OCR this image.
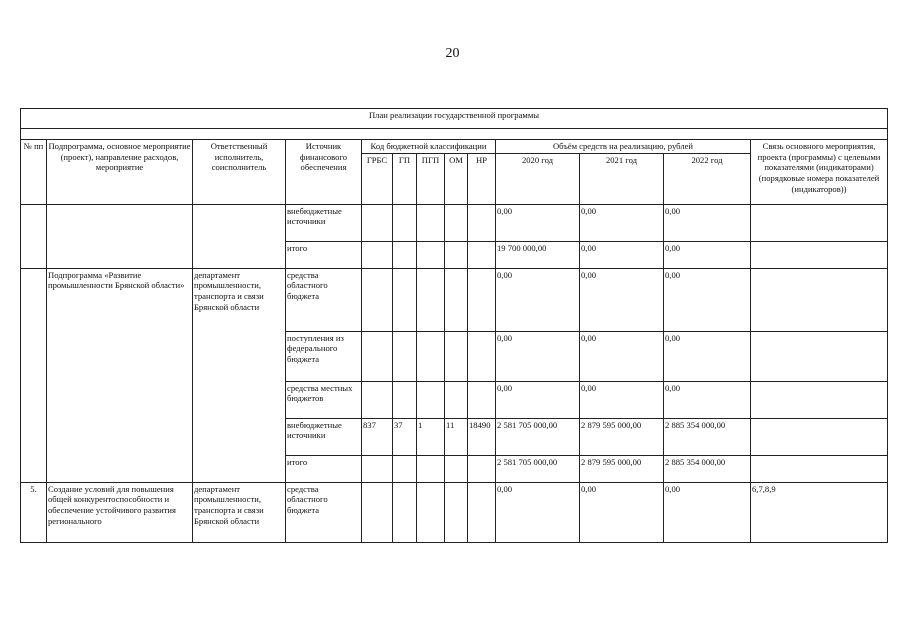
20
План реализации государственной программы												

№ пп	Подпрограмма, основное мероприятие (проект), направление расходов, мероприятие	Ответственный исполнитель, соисполнитель	Источник финансового обеспечения	Код бюджетной классификации					Объём средств на реализацию, рублей			Связь основного мероприятия, проекта (программы) с целевыми показателями (индикаторами) (порядковые номера показателей (индикаторов))
				ГРБС	ГП	ПГП	ОМ	НР	2020 год	2021 год	2022 год	
			внебюджетные источники						0,00	0,00	0,00	
			итого						19 700 000,00	0,00	0,00	
	Подпрограмма «Развитие промышленности Брянской области»	департамент промышленности, транспорта и связи Брянской области	средства областного бюджета						0,00	0,00	0,00	
			поступления из федерального бюджета						0,00	0,00	0,00	
			средства местных бюджетов						0,00	0,00	0,00	
			внебюджетные источники	837	37	1	11	18490	2 581 705 000,00	2 879 595 000,00	2 885 354 000,00	
			итого						2 581 705 000,00	2 879 595 000,00	2 885 354 000,00	
5.	Создание условий для повышения общей конкурентоспособности и обеспечение устойчивого развития регионального	департамент промышленности, транспорта и связи Брянской области	средства областного бюджета						0,00	0,00	0,00	6,7,8,9
